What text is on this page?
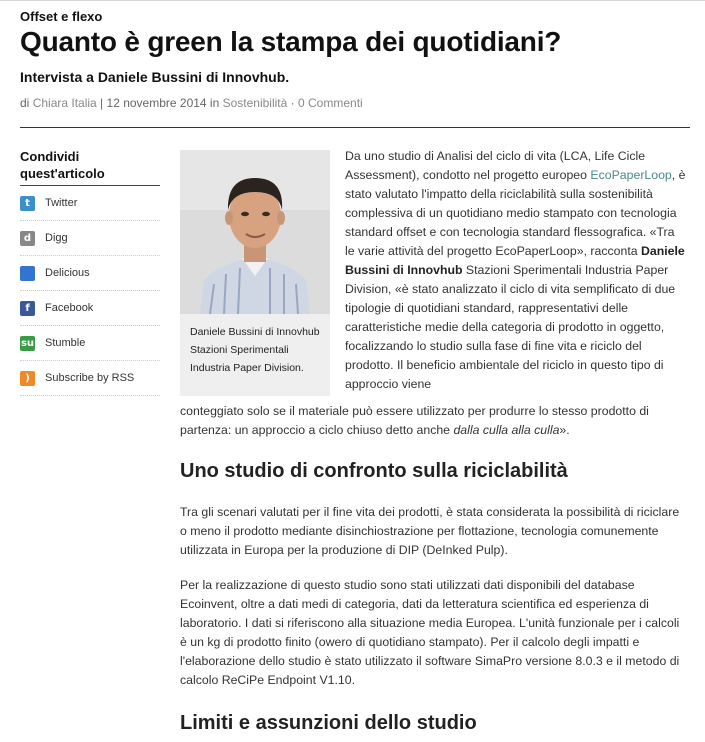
Offset e flexo
Quanto è green la stampa dei quotidiani?
Intervista a Daniele Bussini di Innovhub.
di Chiara Italia | 12 novembre 2014 in Sostenibilità · 0 Commenti
Condividi quest'articolo
t	Twitter
d	Digg
Delicious
f	Facebook
su Stumble
)	Subscribe by RSS
Daniele Bussini di Innovhub Stazioni Sperimentali Industria Paper Division.
Da uno studio di Analisi del ciclo di vita (LCA, Life Cicle Assessment), condotto nel progetto europeo EcoPaperLoop, è stato valutato l'impatto della riciclabilità sulla sostenibilità complessiva di un quotidiano medio stampato con tecnologia standard offset e con tecnologia standard flessografica. «Tra le varie attività del progetto EcoPaperLoop», racconta Daniele Bussini di Innovhub Stazioni Sperimentali Industria Paper Division, «è stato analizzato il ciclo di vita semplificato di due tipologie di quotidiani standard, rappresentativi delle caratteristiche medie della categoria di prodotto in oggetto, focalizzando lo studio sulla fase di fine vita e riciclo del prodotto. Il beneficio ambientale del riciclo in questo tipo di approccio viene
conteggiato solo se il materiale può essere utilizzato per produrre lo stesso prodotto di partenza: un approccio a ciclo chiuso detto anche dalla culla alla culla».
Uno studio di confronto sulla riciclabilità

Tra gli scenari valutati per il fine vita dei prodotti, è stata considerata la possibilità di riciclare o meno il prodotto mediante disinchiostrazione per flottazione, tecnologia comunemente utilizzata in Europa per la produzione di DIP (DeInked Pulp).

Per la realizzazione di questo studio sono stati utilizzati dati disponibili del database Ecoinvent, oltre a dati medi di categoria, dati da letteratura scientifica ed esperienza di laboratorio. I dati si riferiscono alla situazione media Europea. L'unità funzionale per i calcoli è un kg di prodotto finito (owero di quotidiano stampato). Per il calcolo degli impatti e l'elaborazione dello studio è stato utilizzato il software SimaPro versione 8.0.3 e il metodo di calcolo ReCiPe Endpoint V1.10.

Limiti e assunzioni dello studio
